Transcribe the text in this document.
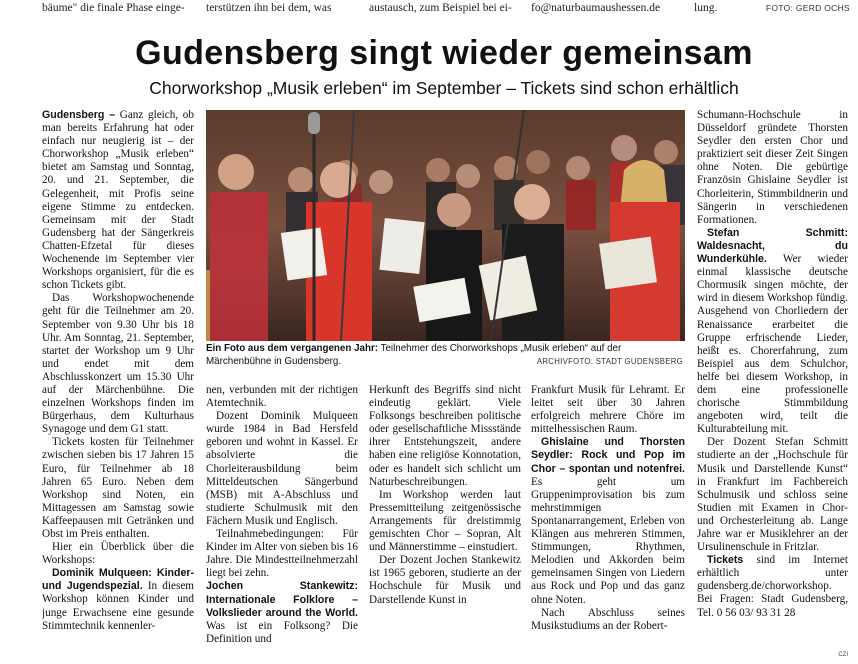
bäume" die finale Phase einge- terstützen ihn bei dem, was	austausch, zum Beispiel bei ei- fo@naturbaumaushessen.de	lung.	FOTO: GERD OCHS
Gudensberg singt wieder gemeinsam
Chorworkshop „Musik erleben“ im September – Tickets sind schon erhältlich

Gudensberg – Ganz gleich, ob man bereits Erfahrung hat oder einfach nur neugierig ist – der Chorworkshop „Musik erleben“ bietet am Samstag und Sonntag, 20. und 21. September, die Gelegenheit, mit Profis seine eigene Stimme zu entdecken. Gemeinsam mit der Stadt Gudensberg hat der Sängerkreis Chatten-Efzetal für dieses Wochenende im September vier Workshops organisiert, für die es schon Tickets gibt.

Das Workshopwochenende geht für die Teilnehmer am 20. September von 9.30 Uhr bis 18 Uhr. Am Sonntag, 21. September, startet der Workshop um 9 Uhr und endet mit dem Abschlusskonzert um 15.30 Uhr auf der Märchenbühne. Die einzelnen Workshops finden im Bürgerhaus, dem Kulturhaus Synagoge und dem G1 statt.

Tickets kosten für Teilnehmer zwischen sieben bis 17 Jahren 15 Euro, für Teilnehmer ab 18 Jahren 65 Euro. Neben dem Workshop sind Noten, ein Mittagessen am Samstag sowie Kaffeepausen mit Getränken und Obst im Preis enthalten.

Hier ein Überblick über die Workshops:

Dominik Mulqueen: Kinder- und Jugendspezial. In diesem Workshop können Kinder und junge Erwachsene eine gesunde Stimmtechnik kennenler-

Ein Foto aus dem vergangenen Jahr: Teilnehmer des Chorworkshops „Musik erleben“ auf der Märchenbühne in Gudensberg.	ARCHIVFOTO: STADT GUDENSBERG

nen, verbunden mit der richtigen Atemtechnik.

Dozent Dominik Mulqueen wurde 1984 in Bad Hersfeld geboren und wohnt in Kassel. Er absolvierte die Chorleiterausbildung beim Mitteldeutschen Sängerbund (MSB) mit A-Abschluss und studierte Schulmusik mit den Fächern Musik und Englisch.

Teilnahmebedingungen: Für Kinder im Alter von sieben bis 16 Jahre. Die Mindestteilnehmerzahl liegt bei zehn.

Jochen Stankewitz: Internationale Folklore – Volkslieder around the World. Was ist ein Folksong? Die Definition und

Herkunft des Begriffs sind nicht eindeutig geklärt. Viele Folksongs beschreiben politische oder gesellschaftliche Missstände ihrer Entstehungszeit, andere haben eine religiöse Konnotation, oder es handelt sich schlicht um Naturbeschreibungen.

Im Workshop werden laut Pressemitteilung zeitgenössische Arrangements für dreistimmig gemischten Chor – Sopran, Alt und Männerstimme – einstudiert.

Der Dozent Jochen Stankewitz ist 1965 geboren, studierte an der Hochschule für Musik und Darstellende Kunst in

Frankfurt Musik für Lehramt. Er leitet seit über 30 Jahren erfolgreich mehrere Chöre im mittelhessischen Raum.

Ghislaine und Thorsten Seydler: Rock und Pop im Chor – spontan und notenfrei. Es geht um Gruppenimprovisation bis zum mehrstimmigen Spontanarrangement, Erleben von Klängen aus mehreren Stimmen, Stimmungen, Rhythmen, Melodien und Akkorden beim gemeinsamen Singen von Liedern aus Rock und Pop und das ganz ohne Noten.

Nach Abschluss seines Musikstudiums an der Robert-

Schumann-Hochschule in Düsseldorf gründete Thorsten Seydler den ersten Chor und praktiziert seit dieser Zeit Singen ohne Noten. Die gebürtige Französin Ghislaine Seydler ist Chorleiterin, Stimmbildnerin und Sängerin in verschiedenen Formationen.

Stefan Schmitt: Waldesnacht, du Wunderkühle. Wer wieder einmal klassische deutsche Chormusik singen möchte, der wird in diesem Workshop fündig. Ausgehend von Chorliedern der Renaissance erarbeitet die Gruppe erfrischende Lieder, heißt es. Chorerfahrung, zum Beispiel aus dem Schulchor, helfe bei diesem Workshop, in dem eine professionelle chorische Stimmbildung angeboten wird, teilt die Kulturabteilung mit.

Der Dozent Stefan Schmitt studierte an der „Hochschule für Musik und Darstellende Kunst“ in Frankfurt im Fachbereich Schulmusik und schloss seine Studien mit Examen in Chor- und Orchesterleitung ab. Lange Jahre war er Musiklehrer an der Ursulinenschule in Fritzlar.

Tickets sind im Internet erhältlich unter gudensberg.de/chorworkshop. Bei Fragen: Stadt Gudensberg, Tel. 0 56 03/ 93 31 28

CZI
